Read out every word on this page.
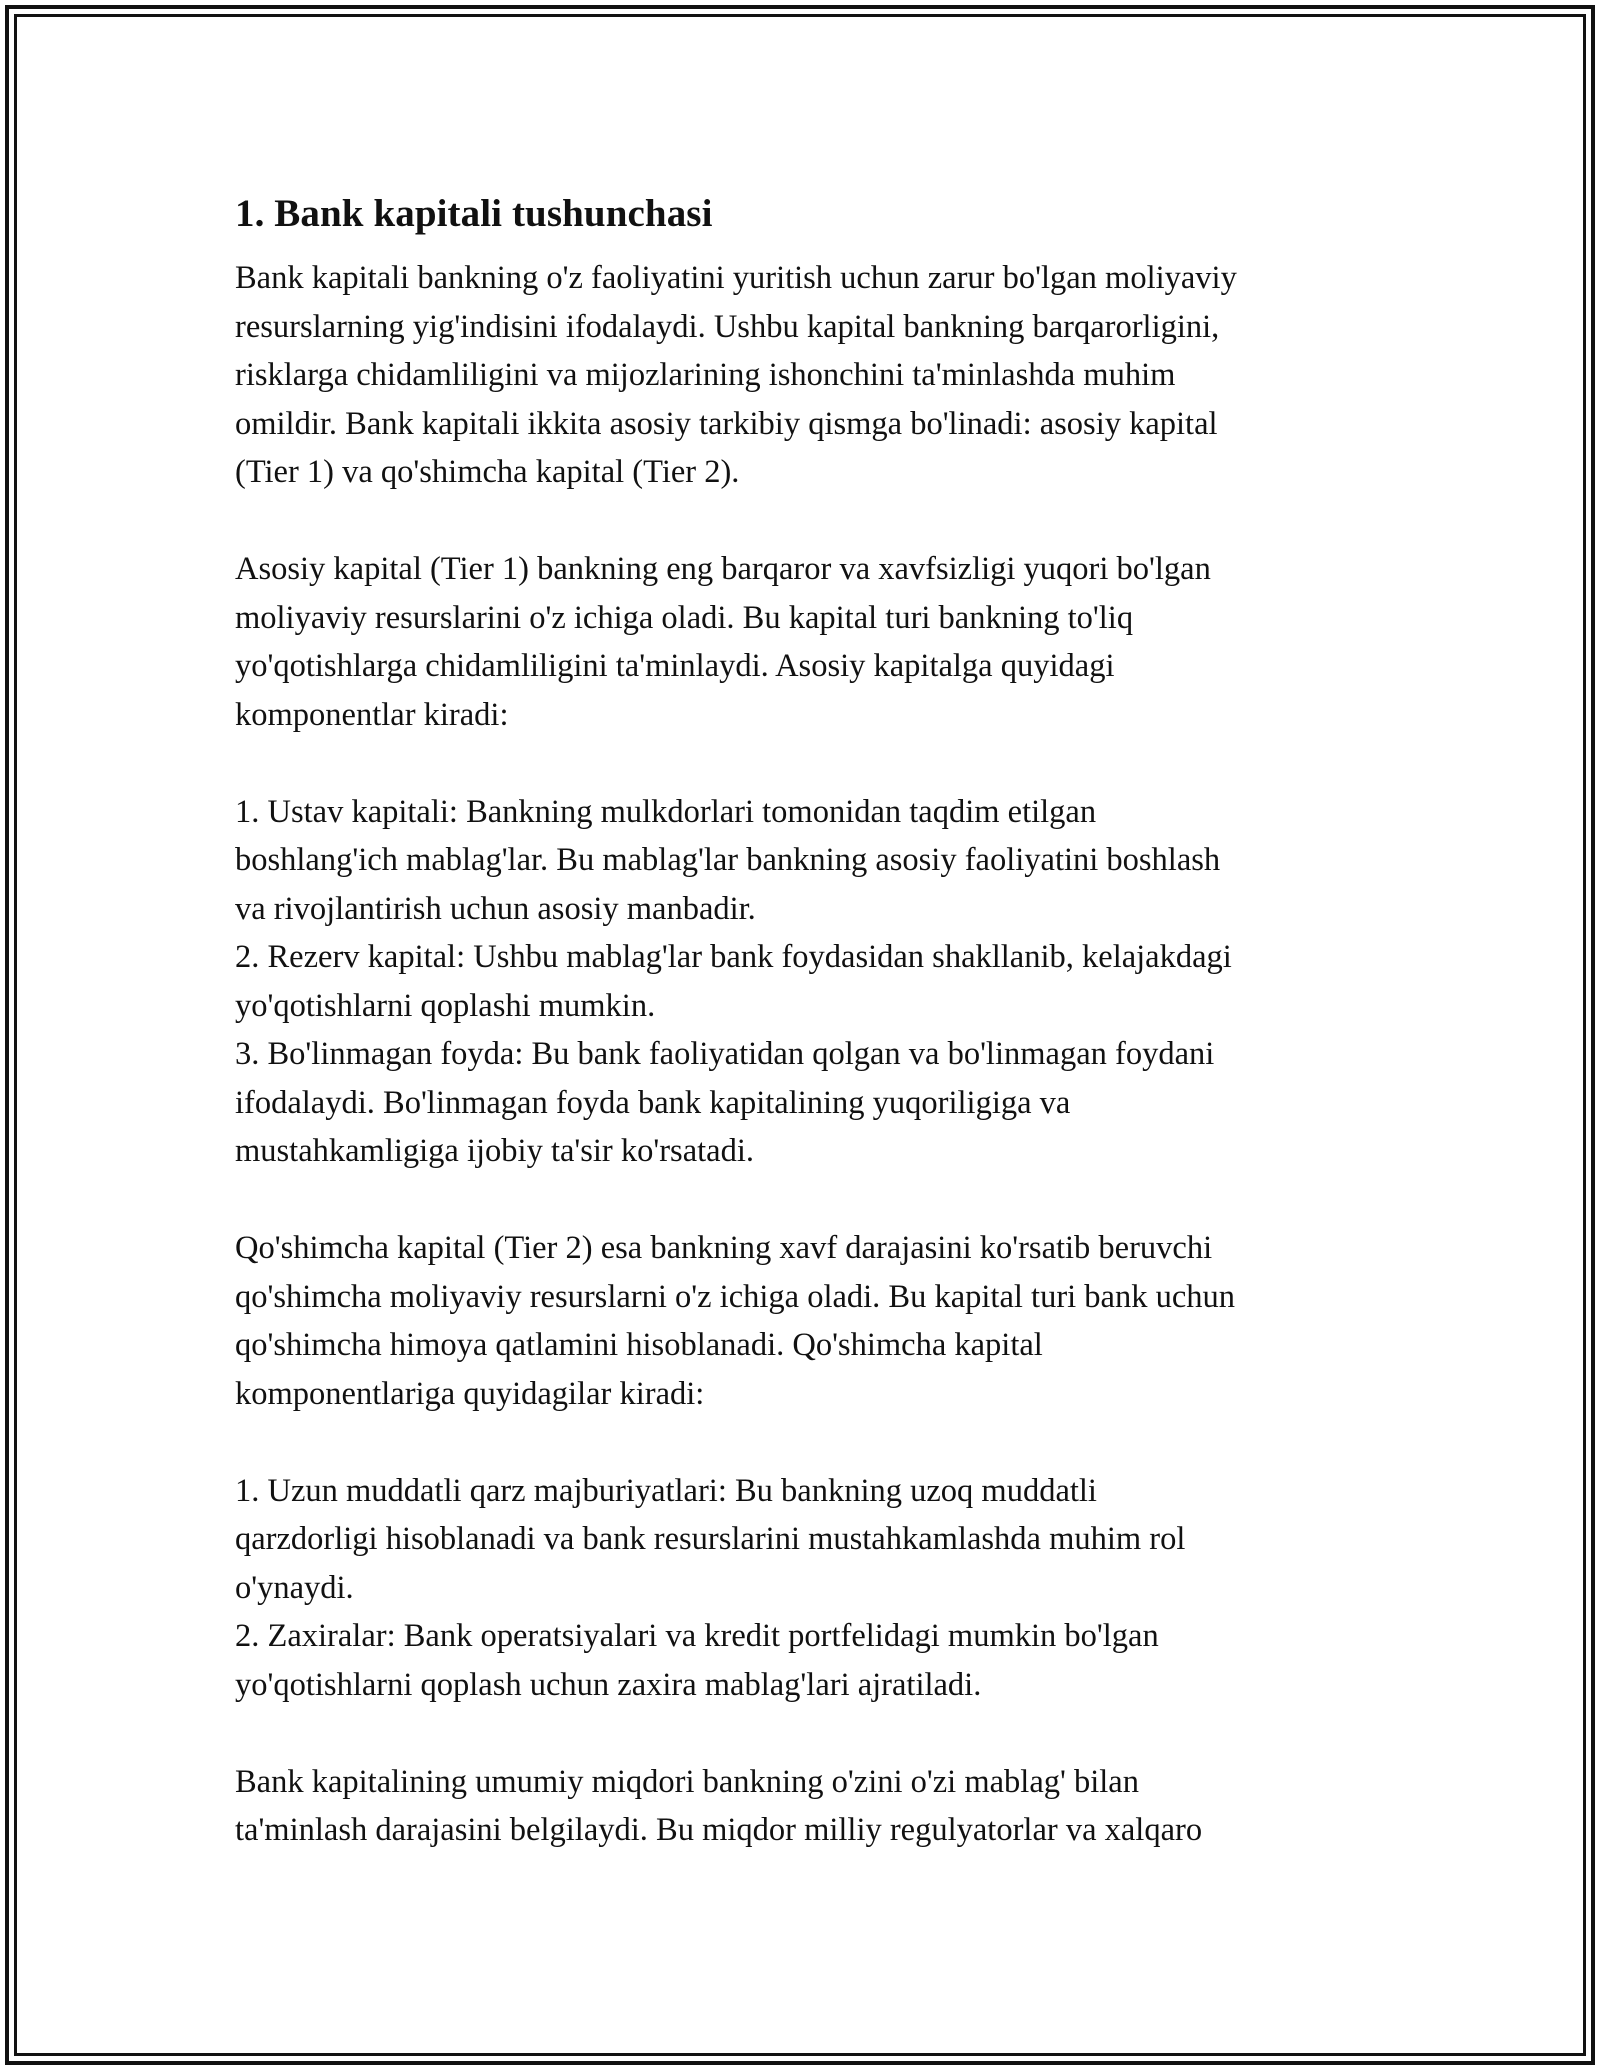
1. Bank kapitali tushunchasi

Bank kapitali bankning o'z faoliyatini yuritish uchun zarur bo'lgan moliyaviy
resurslarning yig'indisini ifodalaydi. Ushbu kapital bankning barqarorligini,
risklarga chidamliligini va mijozlarining ishonchini ta'minlashda muhim
omildir. Bank kapitali ikkita asosiy tarkibiy qismga bo'linadi: asosiy kapital
(Tier 1) va qo'shimcha kapital (Tier 2).

Asosiy kapital (Tier 1) bankning eng barqaror va xavfsizligi yuqori bo'lgan
moliyaviy resurslarini o'z ichiga oladi. Bu kapital turi bankning to'liq
yo'qotishlarga chidamliligini ta'minlaydi. Asosiy kapitalga quyidagi
komponentlar kiradi:

1. Ustav kapitali: Bankning mulkdorlari tomonidan taqdim etilgan
boshlang'ich mablag'lar. Bu mablag'lar bankning asosiy faoliyatini boshlash
va rivojlantirish uchun asosiy manbadir.
2. Rezerv kapital: Ushbu mablag'lar bank foydasidan shakllanib, kelajakdagi
yo'qotishlarni qoplashi mumkin.
3. Bo'linmagan foyda: Bu bank faoliyatidan qolgan va bo'linmagan foydani
ifodalaydi. Bo'linmagan foyda bank kapitalining yuqoriligiga va
mustahkamligiga ijobiy ta'sir ko'rsatadi.

Qo'shimcha kapital (Tier 2) esa bankning xavf darajasini ko'rsatib beruvchi
qo'shimcha moliyaviy resurslarni o'z ichiga oladi. Bu kapital turi bank uchun
qo'shimcha himoya qatlamini hisoblanadi. Qo'shimcha kapital
komponentlariga quyidagilar kiradi:

1. Uzun muddatli qarz majburiyatlari: Bu bankning uzoq muddatli
qarzdorligi hisoblanadi va bank resurslarini mustahkamlashda muhim rol
o'ynaydi.
2. Zaxiralar: Bank operatsiyalari va kredit portfelidagi mumkin bo'lgan
yo'qotishlarni qoplash uchun zaxira mablag'lari ajratiladi.

Bank kapitalining umumiy miqdori bankning o'zini o'zi mablag' bilan
ta'minlash darajasini belgilaydi. Bu miqdor milliy regulyatorlar va xalqaro
